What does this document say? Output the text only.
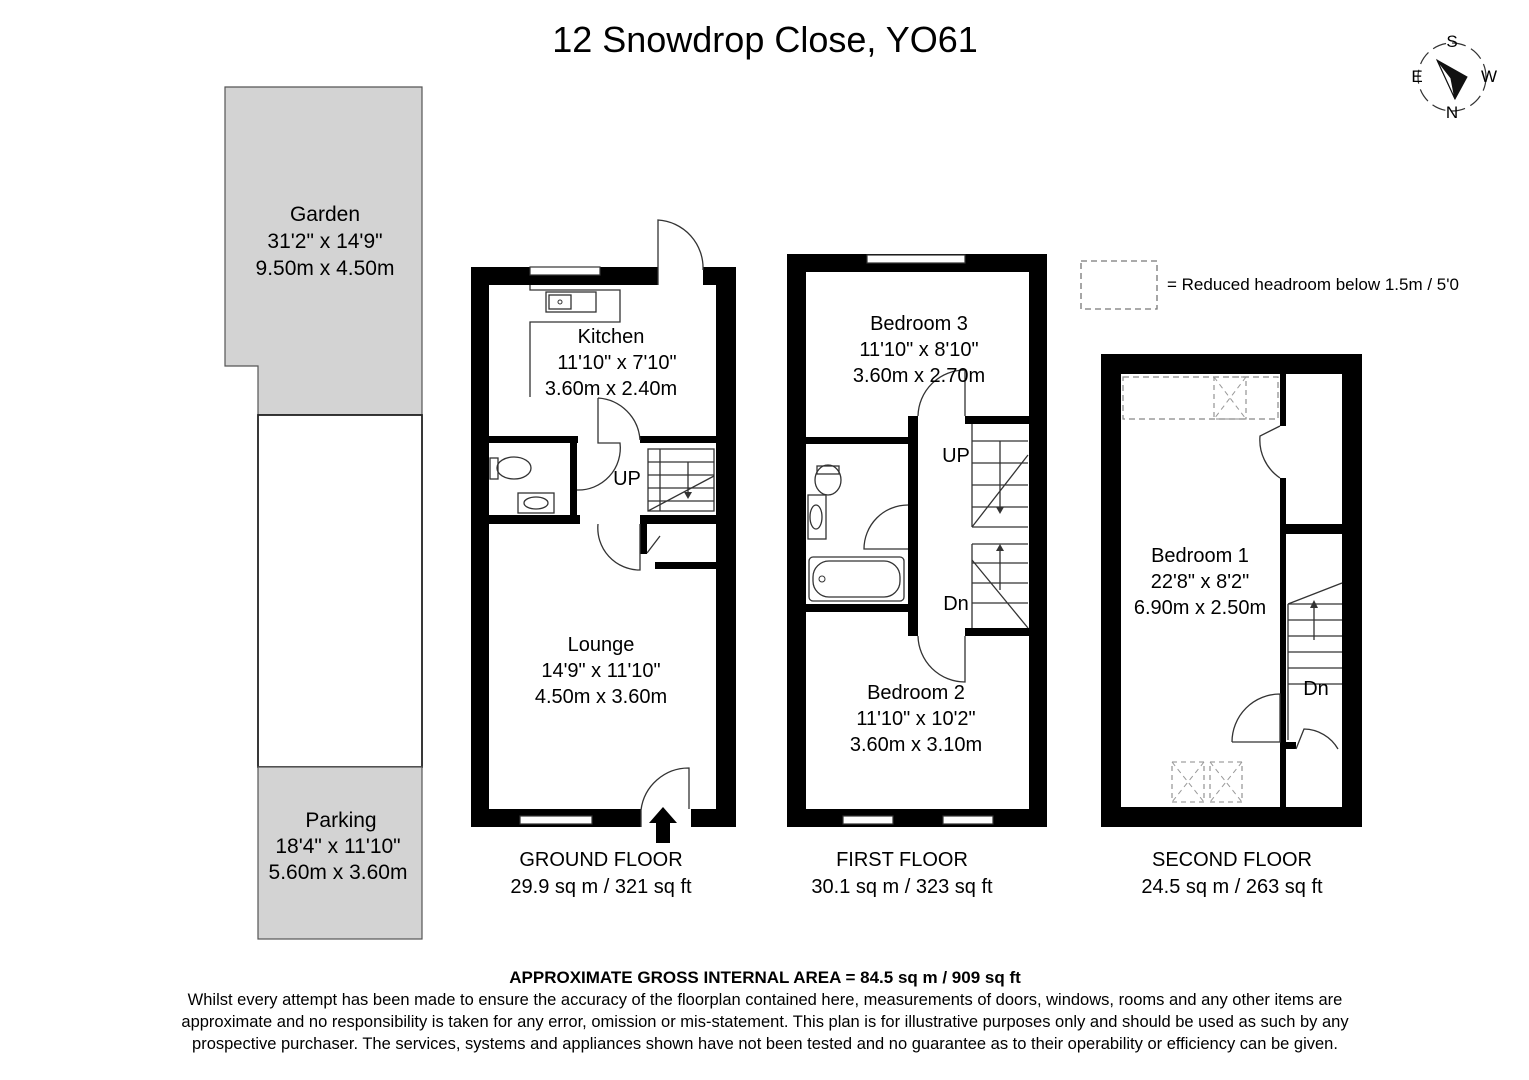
12 Snowdrop Close, YO61	S
E	W
N
= Reduced headroom below 1.5m / 5'0
Garden
31'2" x 14'9"
9.50m x 4.50m
Parking
18'4" x 11'10"
5.60m x 3.60m
Kitchen
11'10" x 7'10"
3.60m x 2.40m
UP
Lounge
14'9" x 11'10"
4.50m x 3.60m
GROUND FLOOR
29.9 sq m / 321 sq ft
Bedroom 3
11'10" x 8'10"
3.60m x 2.70m
UP
Dn
Bedroom 2
11'10" x 10'2"
3.60m x 3.10m
FIRST FLOOR
30.1 sq m / 323 sq ft
Bedroom 1
22'8" x 8'2"
6.90m x 2.50m
Dn
SECOND FLOOR
24.5 sq m / 263 sq ft
APPROXIMATE GROSS INTERNAL AREA = 84.5 sq m / 909 sq ft
Whilst every attempt has been made to ensure the accuracy of the floorplan contained here, measurements of doors, windows, rooms and any other items are
approximate and no responsibility is taken for any error, omission or mis-statement. This plan is for illustrative purposes only and should be used as such by any
prospective purchaser. The services, systems and appliances shown have not been tested and no guarantee as to their operability or efficiency can be given.
